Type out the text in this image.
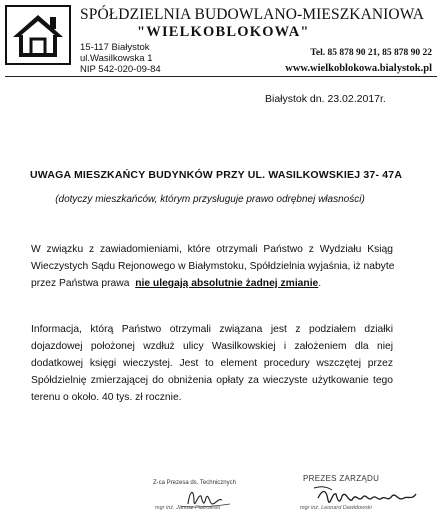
SPÓŁDZIELNIA BUDOWLANO-MIESZKANIOWA
"WIELKOBLOKOWA"
15-117 Białystok
ul.Wasilkowska 1
NIP 542-020-09-84
Tel. 85 878 90 21, 85 878 90 22
www.wielkoblokowa.bialystok.pl
Białystok dn. 23.02.2017r.
UWAGA MIESZKAŃCY BUDYNKÓW PRZY UL. WASILKOWSKIEJ 37- 47A
(dotyczy mieszkańców, którym przysługuje prawo odrębnej własności)
W związku z zawiadomieniami, które otrzymali Państwo z Wydziału Ksiąg
Wieczystych Sądu Rejonowego w Białymstoku, Spółdzielnia wyjaśnia, iż nabyte
przez Państwa prawa nie ulegają absolutnie żadnej zmianie.
Informacja, którą Państwo otrzymali związana jest z podziałem działki
dojazdowej położonej wzdłuż ulicy Wasilkowskiej i założeniem dla niej
dodatkowej księgi wieczystej. Jest to element procedury wszczętej przez
Spółdzielnię zmierzającej do obniżenia opłaty za wieczyste użytkowanie tego
terenu o około. 40 tys. zł rocznie.
Z-ca Prezesa ds. Technicznych
mgr inż. Janusz Piotrowski
PREZES ZARZĄDU
mgr inż. Leonard Dawidowski
